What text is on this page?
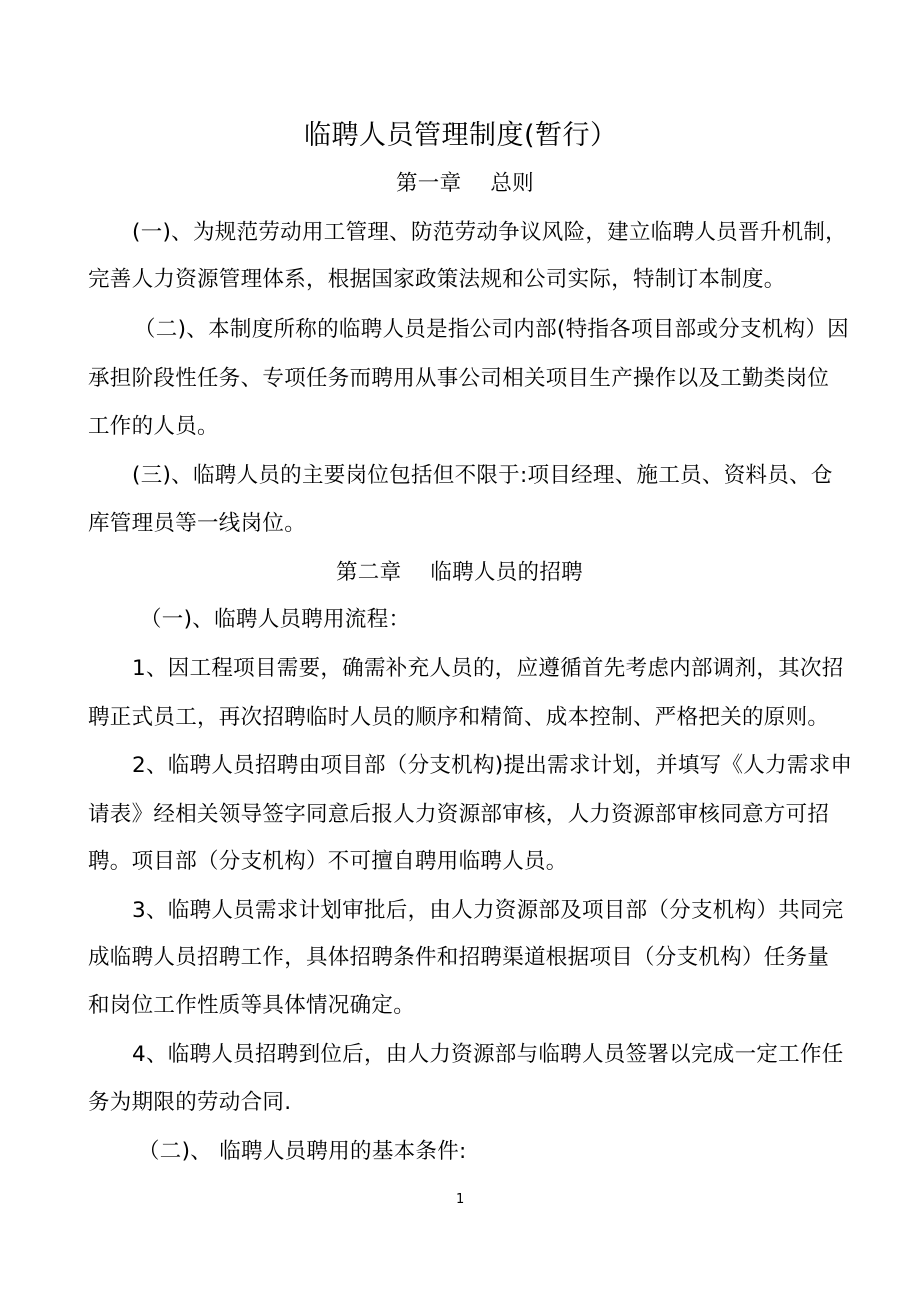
临聘人员管理制度(暂行）
第一章　 总则
(一)、为规范劳动用工管理、防范劳动争议风险，建立临聘人员晋升机制，
完善人力资源管理体系，根据国家政策法规和公司实际，特制订本制度。
（二)、本制度所称的临聘人员是指公司内部(特指各项目部或分支机构）因
承担阶段性任务、专项任务而聘用从事公司相关项目生产操作以及工勤类岗位
工作的人员。
(三)、临聘人员的主要岗位包括但不限于:项目经理、施工员、资料员、仓
库管理员等一线岗位。
第二章　 临聘人员的招聘
（一)、临聘人员聘用流程：
1、因工程项目需要，确需补充人员的，应遵循首先考虑内部调剂，其次招
聘正式员工，再次招聘临时人员的顺序和精简、成本控制、严格把关的原则。
2、临聘人员招聘由项目部（分支机构)提出需求计划，并填写《人力需求申
请表》经相关领导签字同意后报人力资源部审核，人力资源部审核同意方可招
聘。项目部（分支机构）不可擅自聘用临聘人员。
3、临聘人员需求计划审批后，由人力资源部及项目部（分支机构）共同完
成临聘人员招聘工作，具体招聘条件和招聘渠道根据项目（分支机构）任务量
和岗位工作性质等具体情况确定。
4、临聘人员招聘到位后，由人力资源部与临聘人员签署以完成一定工作任
务为期限的劳动合同.
（二)、 临聘人员聘用的基本条件:
1
